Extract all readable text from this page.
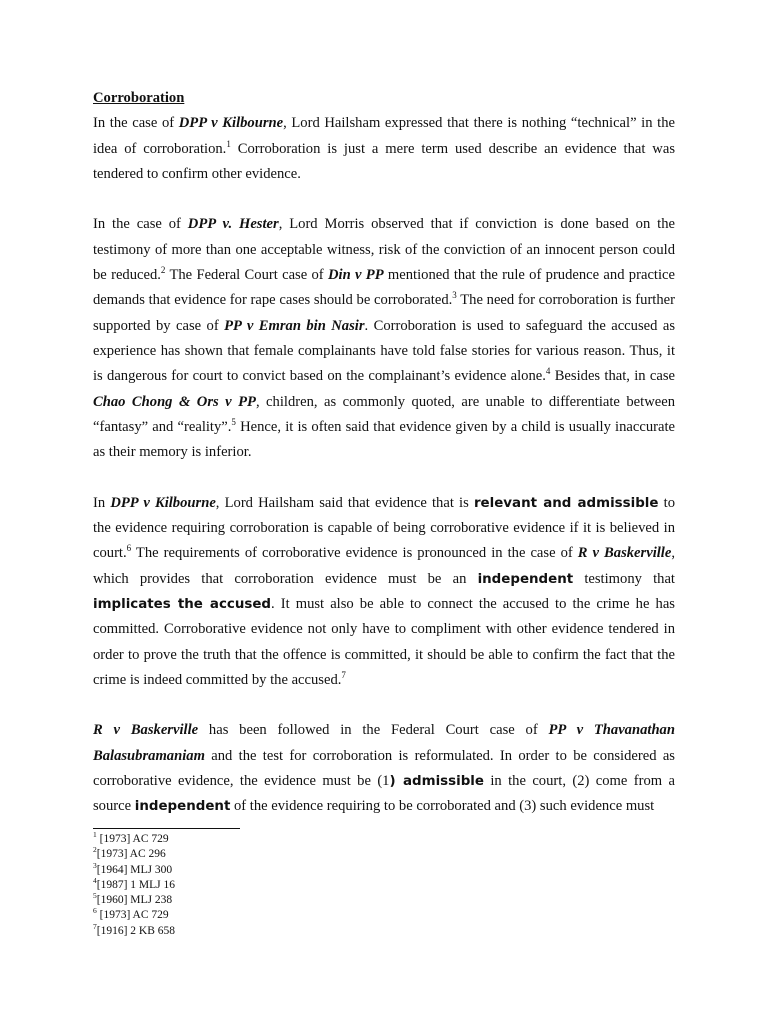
Corroboration

In the case of DPP v Kilbourne, Lord Hailsham expressed that there is nothing “technical” in the idea of corroboration.$^1$ Corroboration is just a mere term used describe an evidence that was tendered to confirm other evidence.

In the case of DPP v. Hester, Lord Morris observed that if conviction is done based on the testimony of more than one acceptable witness, risk of the conviction of an innocent person could be reduced.$^2$ The Federal Court case of Din v PP mentioned that the rule of prudence and practice demands that evidence for rape cases should be corroborated.$^3$ The need for corroboration is further supported by case of PP v Emran bin Nasir. Corroboration is used to safeguard the accused as experience has shown that female complainants have told false stories for various reason. Thus, it is dangerous for court to convict based on the complainant’s evidence alone.$^4$ Besides that, in case Chao Chong & Ors v PP, children, as commonly quoted, are unable to differentiate between “fantasy” and “reality”.$^5$ Hence, it is often said that evidence given by a child is usually inaccurate as their memory is inferior.

In DPP v Kilbourne, Lord Hailsham said that evidence that is relevant and admissible to the evidence requiring corroboration is capable of being corroborative evidence if it is believed in court.$^6$ The requirements of corroborative evidence is pronounced in the case of R v Baskerville, which provides that corroboration evidence must be an independent testimony that implicates the accused. It must also be able to connect the accused to the crime he has committed. Corroborative evidence not only have to compliment with other evidence tendered in order to prove the truth that the offence is committed, it should be able to confirm the fact that the crime is indeed committed by the accused.$^7$

R v Baskerville has been followed in the Federal Court case of PP v Thavanathan Balasubramaniam and the test for corroboration is reformulated. In order to be considered as corroborative evidence, the evidence must be (1) admissible in the court, (2) come from a source independent of the evidence requiring to be corroborated and (3) such evidence must

$^1$ [1973] AC 729
$^2$[1973] AC 296
$^3$[1964] MLJ 300
$^4$[1987] 1 MLJ 16
$^5$[1960] MLJ 238
$^6$ [1973] AC 729
$^7$[1916] 2 KB 658
